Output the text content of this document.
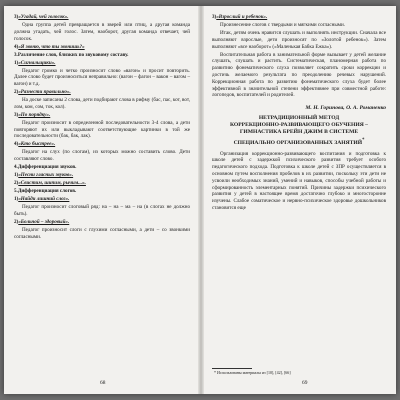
3)«Угадай, чей голосок».

Одна группа детей превращается в зверей или птиц, а другая команда должна угадать, чей голос. Затем, наоборот, другая команда отвечает, чей голосок.

4)«Я звоню, что ты звонишь?»

3.Различение слов, близких по звуковому составу.

1)«Сигнальщики».

Педагог громко и четко произносит слово «вагон» и просит повторить. Далее слово будет произноситься неправильно: (вагон – фагон – вакон – вагом – вагон) и т.д.

2)«Разнести правильно».

На доске записаны 2 слова, дети подбирают слова в рифму (бас, пас, кот, вот, лом, ком, сом, ток, кол).

3)«По порядку».

Педагог произносит в определенной последовательности 3-4 слова, а дети повторяют их или выкладывают соответствующие картинки в той же последовательности (бак, бак, лак).

4)«Кто быстрее».

Педагог на слух (по слогам), из которых можно составить слово. Дети составляют слово.

4.Дифференциация звуков.

1)«Песни гласных звуков».

2)«Свистим, шипим, рычим...».

5.Дифференциация слогов.

1)«Найди лишний слог».

Педагог произносит слоговый ряд: на – на – ма – на (в слогах не должно быть).

2)«Больной – здоровый».

Педагог произносит слоги с глухими согласными, а дети – со звонкими согласными.

68

3)«Взрослый и ребенок».

Произнесение слогов с твердыми и мягкими согласными.

Итак, детям очень нравится слушать и выполнять инструкции. Сначала все выполняют взрослые, дети произносят по «Золотой ребенок»). Затем выполняют «все наоборот» («Маленькая Бабка Ежка»).

Воспитательная работа в занимательной форме вызывает у детей желание слушать, слушать и растить. Систематическая, планомерная работа по развитию фонематического слуха позволяет сократить сроки коррекции и достичь желаемого результата по преодолению речевых нарушений. Коррекционная работа по развитию фонематического слуха будет более эффективной в значительной степени эффективнее при совместной работе: логопедов, воспитателей и родителей.

М. Н. Горинова, О. А. Романенко

НЕТРАДИЦИОННЫЙ МЕТОД
КОРРЕКЦИОННО-РАЗВИВАЮЩЕГО ОБУЧЕНИЯ –
ГИМНАСТИКА БРЕЙН ДЖИМ В СИСТЕМЕ
СПЕЦИАЛЬНО ОРГАНИЗОВАННЫХ ЗАНЯТИЙ*

Организация коррекционно-развивающего воспитания и подготовка к школе детей с задержкой психического развития требует особого педагогического подхода. Подготовка к школе детей с ЗПР осуществляется в основном путем восполнения пробелов в их развитии, поскольку эти дети не усвоили необходимых знаний, умений и навыков, способы учебной работы и сформированность элементарных понятий. Причины задержки психического развития у детей в настоящее время достаточно глубоко и многосторонне изучены. Слабое соматическое и нервно-психическое здоровье дошкольников становится еще

* Использованы материалы из [10], [42], [66]
69
